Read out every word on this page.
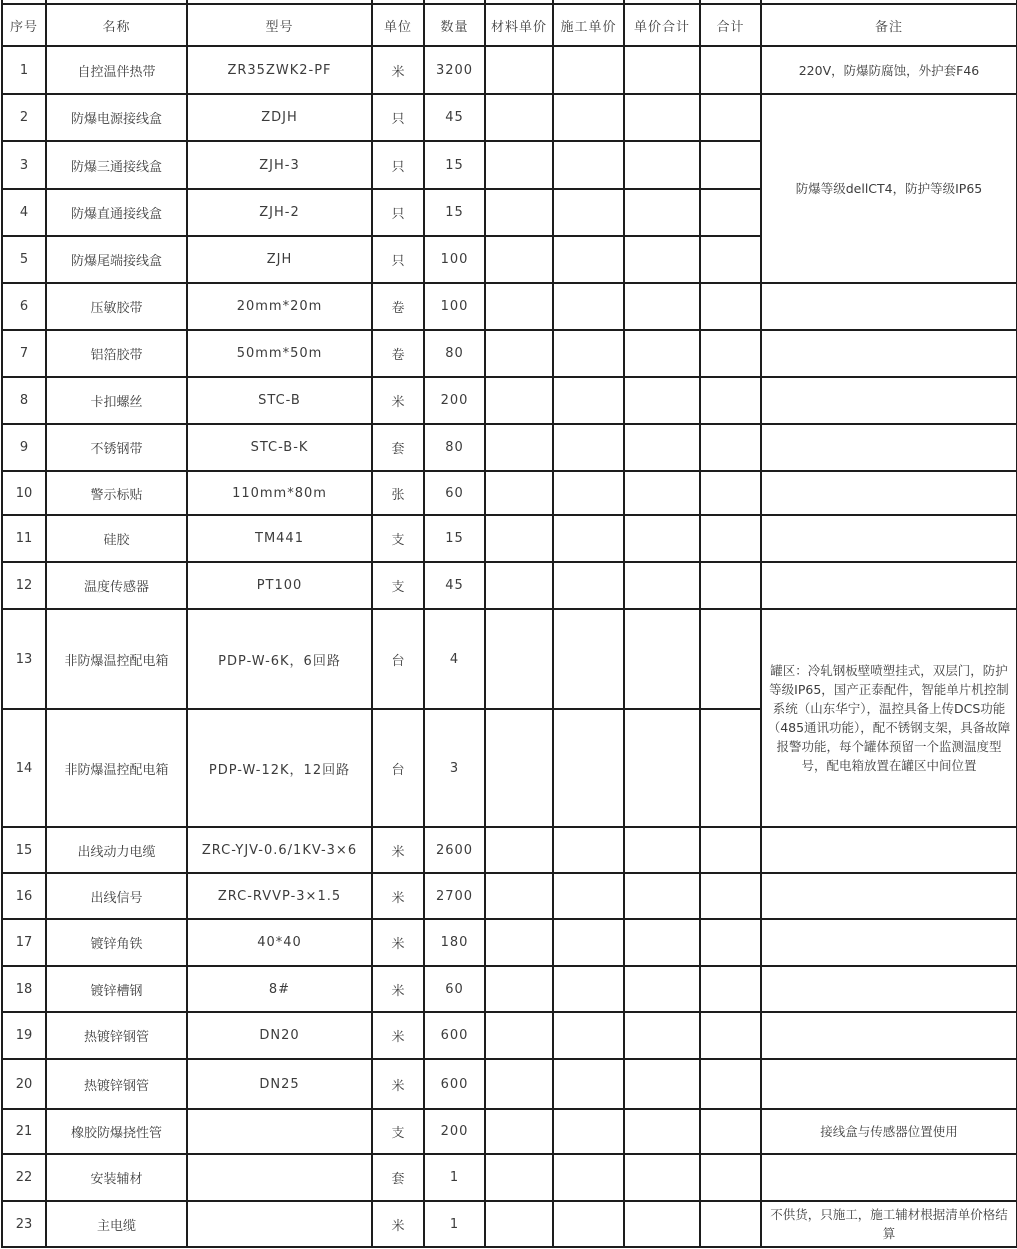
序号	名称	型号	单位	数量	材料单价	施工单价	单价合计	合计	备注
1	自控温伴热带	ZR35ZWK2-PF	米	3200					220V，防爆防腐蚀，外护套F46
2	防爆电源接线盒	ZDJH	只	45					防爆等级dellCT4，防护等级IP65
3	防爆三通接线盒	ZJH-3	只	15					
4	防爆直通接线盒	ZJH-2	只	15					
5	防爆尾端接线盒	ZJH	只	100					
6	压敏胶带	20mm*20m	卷	100					
7	铝箔胶带	50mm*50m	卷	80					
8	卡扣螺丝	STC-B	米	200					
9	不锈钢带	STC-B-K	套	80					
10	警示标贴	110mm*80m	张	60					
11	硅胶	TM441	支	15					
12	温度传感器	PT100	支	45					
13	非防爆温控配电箱	PDP-W-6K，6回路	台	4					罐区：冷轧钢板壁喷塑挂式，双层门，防护等级IP65，国产正泰配件，智能单片机控制系统（山东华宁），温控具备上传DCS功能（485通讯功能），配不锈钢支架，具备故障报警功能，每个罐体预留一个监测温度型号，配电箱放置在罐区中间位置
14	非防爆温控配电箱	PDP-W-12K，12回路	台	3					
15	出线动力电缆	ZRC-YJV-0.6/1KV-3×6	米	2600					
16	出线信号	ZRC-RVVP-3×1.5	米	2700					
17	镀锌角铁	40*40	米	180					
18	镀锌槽钢	8#	米	60					
19	热镀锌钢管	DN20	米	600					
20	热镀锌钢管	DN25	米	600					
21	橡胶防爆挠性管		支	200					接线盒与传感器位置使用
22	安装辅材		套	1					
23	主电缆		米	1					不供货，只施工，施工辅材根据清单价格结算
